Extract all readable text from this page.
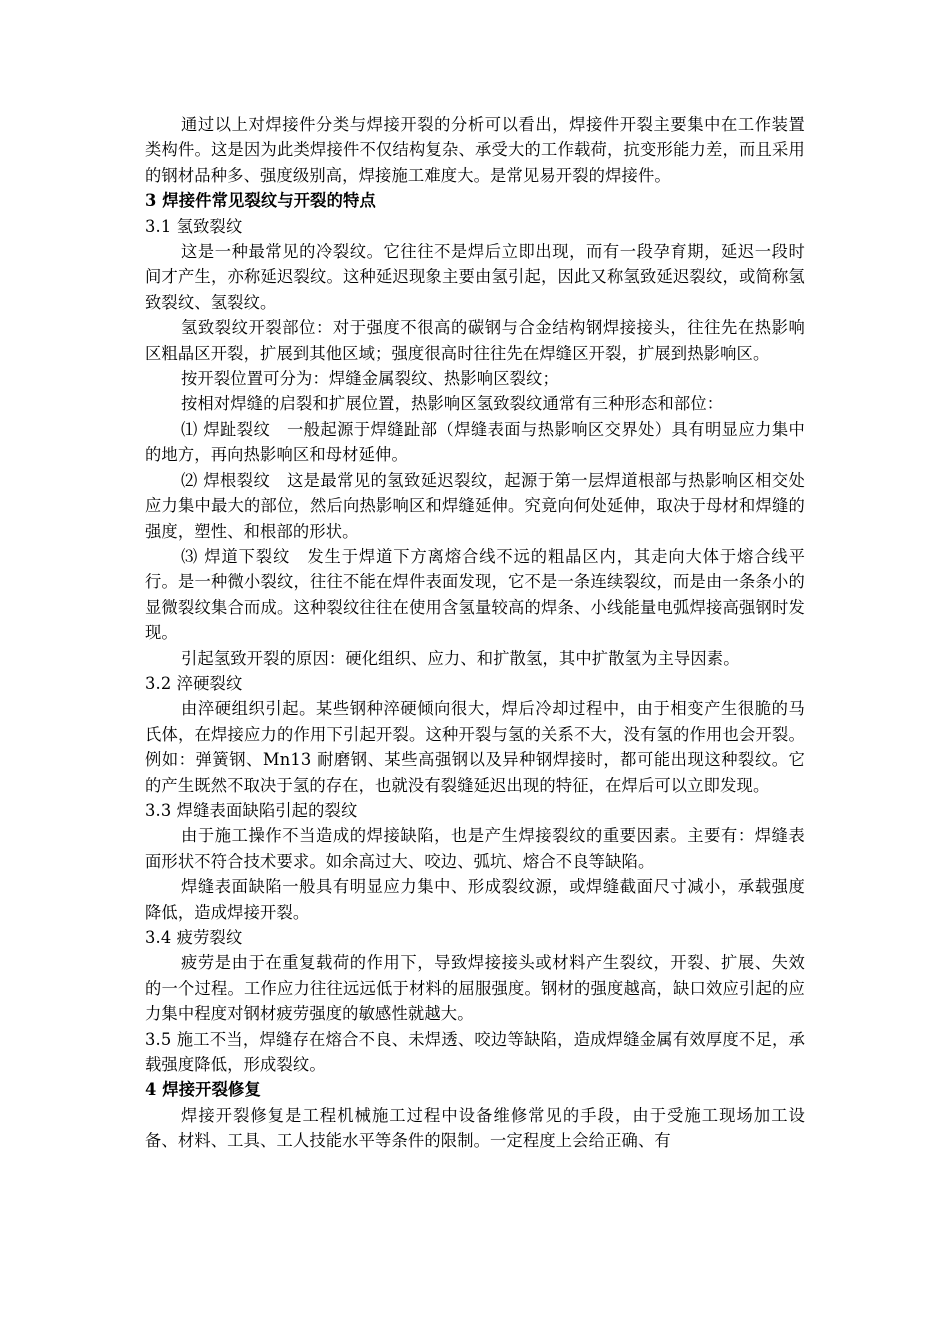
通过以上对焊接件分类与焊接开裂的分析可以看出，焊接件开裂主要集中在工作装置类构件。这是因为此类焊接件不仅结构复杂、承受大的工作载荷，抗变形能力差，而且采用的钢材品种多、强度级别高，焊接施工难度大。是常见易开裂的焊接件。

3 焊接件常见裂纹与开裂的特点

3.1 氢致裂纹

这是一种最常见的冷裂纹。它往往不是焊后立即出现，而有一段孕育期，延迟一段时间才产生，亦称延迟裂纹。这种延迟现象主要由氢引起，因此又称氢致延迟裂纹，或简称氢致裂纹、氢裂纹。

氢致裂纹开裂部位：对于强度不很高的碳钢与合金结构钢焊接接头，往往先在热影响区粗晶区开裂，扩展到其他区域；强度很高时往往先在焊缝区开裂，扩展到热影响区。

按开裂位置可分为：焊缝金属裂纹、热影响区裂纹；

按相对焊缝的启裂和扩展位置，热影响区氢致裂纹通常有三种形态和部位：

⑴ 焊趾裂纹　一般起源于焊缝趾部（焊缝表面与热影响区交界处）具有明显应力集中的地方，再向热影响区和母材延伸。

⑵ 焊根裂纹　这是最常见的氢致延迟裂纹，起源于第一层焊道根部与热影响区相交处应力集中最大的部位，然后向热影响区和焊缝延伸。究竟向何处延伸，取决于母材和焊缝的强度，塑性、和根部的形状。

⑶ 焊道下裂纹　发生于焊道下方离熔合线不远的粗晶区内，其走向大体于熔合线平行。是一种微小裂纹，往往不能在焊件表面发现，它不是一条连续裂纹，而是由一条条小的显微裂纹集合而成。这种裂纹往往在使用含氢量较高的焊条、小线能量电弧焊接高强钢时发现。

引起氢致开裂的原因：硬化组织、应力、和扩散氢，其中扩散氢为主导因素。

3.2 淬硬裂纹

由淬硬组织引起。某些钢种淬硬倾向很大，焊后冷却过程中，由于相变产生很脆的马氏体，在焊接应力的作用下引起开裂。这种开裂与氢的关系不大，没有氢的作用也会开裂。例如：弹簧钢、Mn13 耐磨钢、某些高强钢以及异种钢焊接时，都可能出现这种裂纹。它的产生既然不取决于氢的存在，也就没有裂缝延迟出现的特征，在焊后可以立即发现。

3.3 焊缝表面缺陷引起的裂纹

由于施工操作不当造成的焊接缺陷，也是产生焊接裂纹的重要因素。主要有：焊缝表面形状不符合技术要求。如余高过大、咬边、弧坑、熔合不良等缺陷。

焊缝表面缺陷一般具有明显应力集中、形成裂纹源，或焊缝截面尺寸减小，承载强度降低，造成焊接开裂。

3.4 疲劳裂纹

疲劳是由于在重复载荷的作用下，导致焊接接头或材料产生裂纹，开裂、扩展、失效的一个过程。工作应力往往远远低于材料的屈服强度。钢材的强度越高，缺口效应引起的应力集中程度对钢材疲劳强度的敏感性就越大。

3.5 施工不当，焊缝存在熔合不良、未焊透、咬边等缺陷，造成焊缝金属有效厚度不足，承载强度降低，形成裂纹。

4 焊接开裂修复

焊接开裂修复是工程机械施工过程中设备维修常见的手段，由于受施工现场加工设备、材料、工具、工人技能水平等条件的限制。一定程度上会给正确、有
